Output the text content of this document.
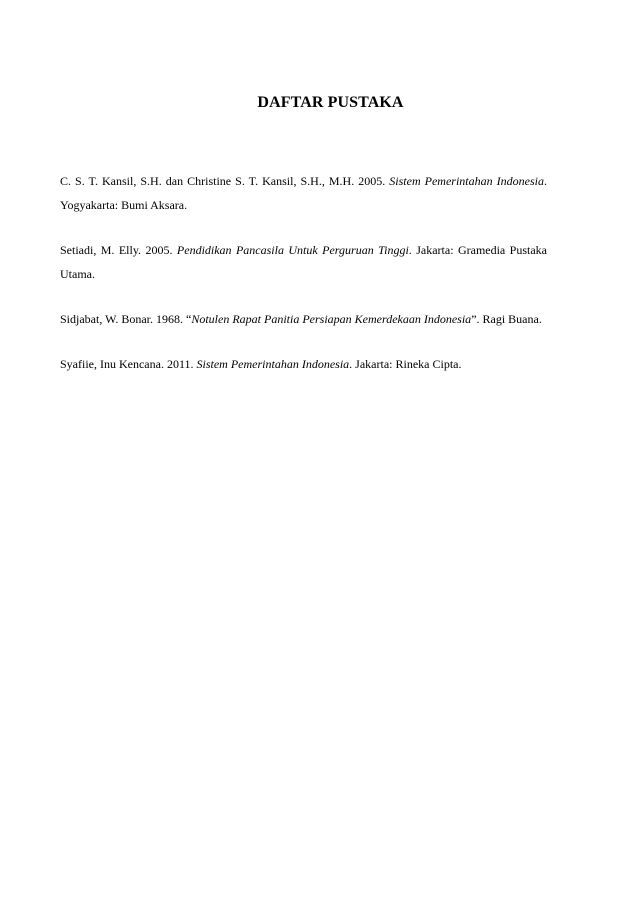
DAFTAR PUSTAKA

C. S. T. Kansil, S.H. dan Christine S. T. Kansil, S.H., M.H. 2005. Sistem Pemerintahan Indonesia. Yogyakarta: Bumi Aksara.

Setiadi, M. Elly. 2005. Pendidikan Pancasila Untuk Perguruan Tinggi. Jakarta: Gramedia Pustaka Utama.

Sidjabat, W. Bonar. 1968. “Notulen Rapat Panitia Persiapan Kemerdekaan Indonesia”. Ragi Buana.

Syafiie, Inu Kencana. 2011. Sistem Pemerintahan Indonesia. Jakarta: Rineka Cipta.
